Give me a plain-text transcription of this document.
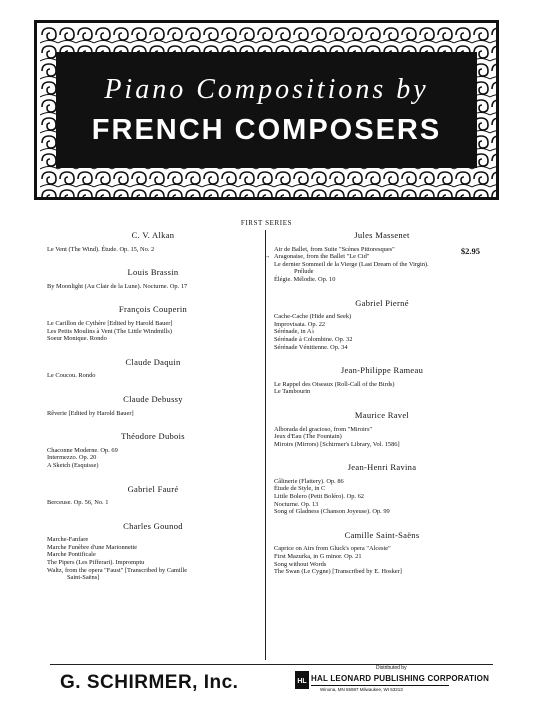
Piano Compositions by
FRENCH COMPOSERS
FIRST SERIES
C. V. Alkan
Le Vent (The Wind). Étude. Op. 15, No. 2
Louis Brassin
By Moonlight (Au Clair de la Lune). Nocturne. Op. 17
François Couperin
Le Carillon de Cythère [Edited by Harold Bauer]
Les Petits Moulins à Vent (The Little Windmills)
Soeur Monique. Rondo
Claude Daquin
Le Coucou. Rondo
Claude Debussy
Rêverie [Edited by Harold Bauer]
Théodore Dubois
Chaconne Moderne. Op. 69
Intermezzo. Op. 20
A Sketch (Esquisse)
Gabriel Fauré
Berceuse. Op. 56, No. 1
Charles Gounod
Marche-Fanfare
Marche Funèbre d'une Marionnette
Marche Pontificale
The Pipers (Les Pifferari). Impromptu
Waltz, from the opera "Faust" [Transcribed by Camille
Saint-Saëns]
Jules Massenet
Air de Ballet, from Suite "Scènes Pittoresques"
→ Aragonaise, from the Ballet "Le Cid"
$2.95
Le dernier Sommeil de la Vierge (Last Dream of the Virgin).
Prélude
Élégie. Mélodie. Op. 10
Gabriel Pierné
Cache-Cache (Hide and Seek)
Improvisata. Op. 22
Sérénade, in A♭
Sérénade à Colombine. Op. 32
Sérénade Vénitienne. Op. 34
Jean-Philippe Rameau
Le Rappel des Oiseaux (Roll-Call of the Birds)
Le Tambourin
Maurice Ravel
Alborada del gracioso, from "Miroirs"
Jeux d'Eau (The Fountain)
Miroirs (Mirrors) [Schirmer's Library, Vol. 1586]
Jean-Henri Ravina
Câlinerie (Flattery). Op. 86
Étude de Style, in C
Little Bolero (Petit Boléro). Op. 62
Nocturne. Op. 13
Song of Gladness (Chanson Joyeuse). Op. 99
Camille Saint-Saëns
Caprice on Airs from Gluck's opera "Alceste"
First Mazurka, in G minor. Op. 21
Song without Words
The Swan (Le Cygne) [Transcribed by E. Hosker]
G. SCHIRMER, Inc.
Distributed by
HL HAL LEONARD PUBLISHING CORPORATION
Winona, MN 55987 Milwaukee, WI 53213
